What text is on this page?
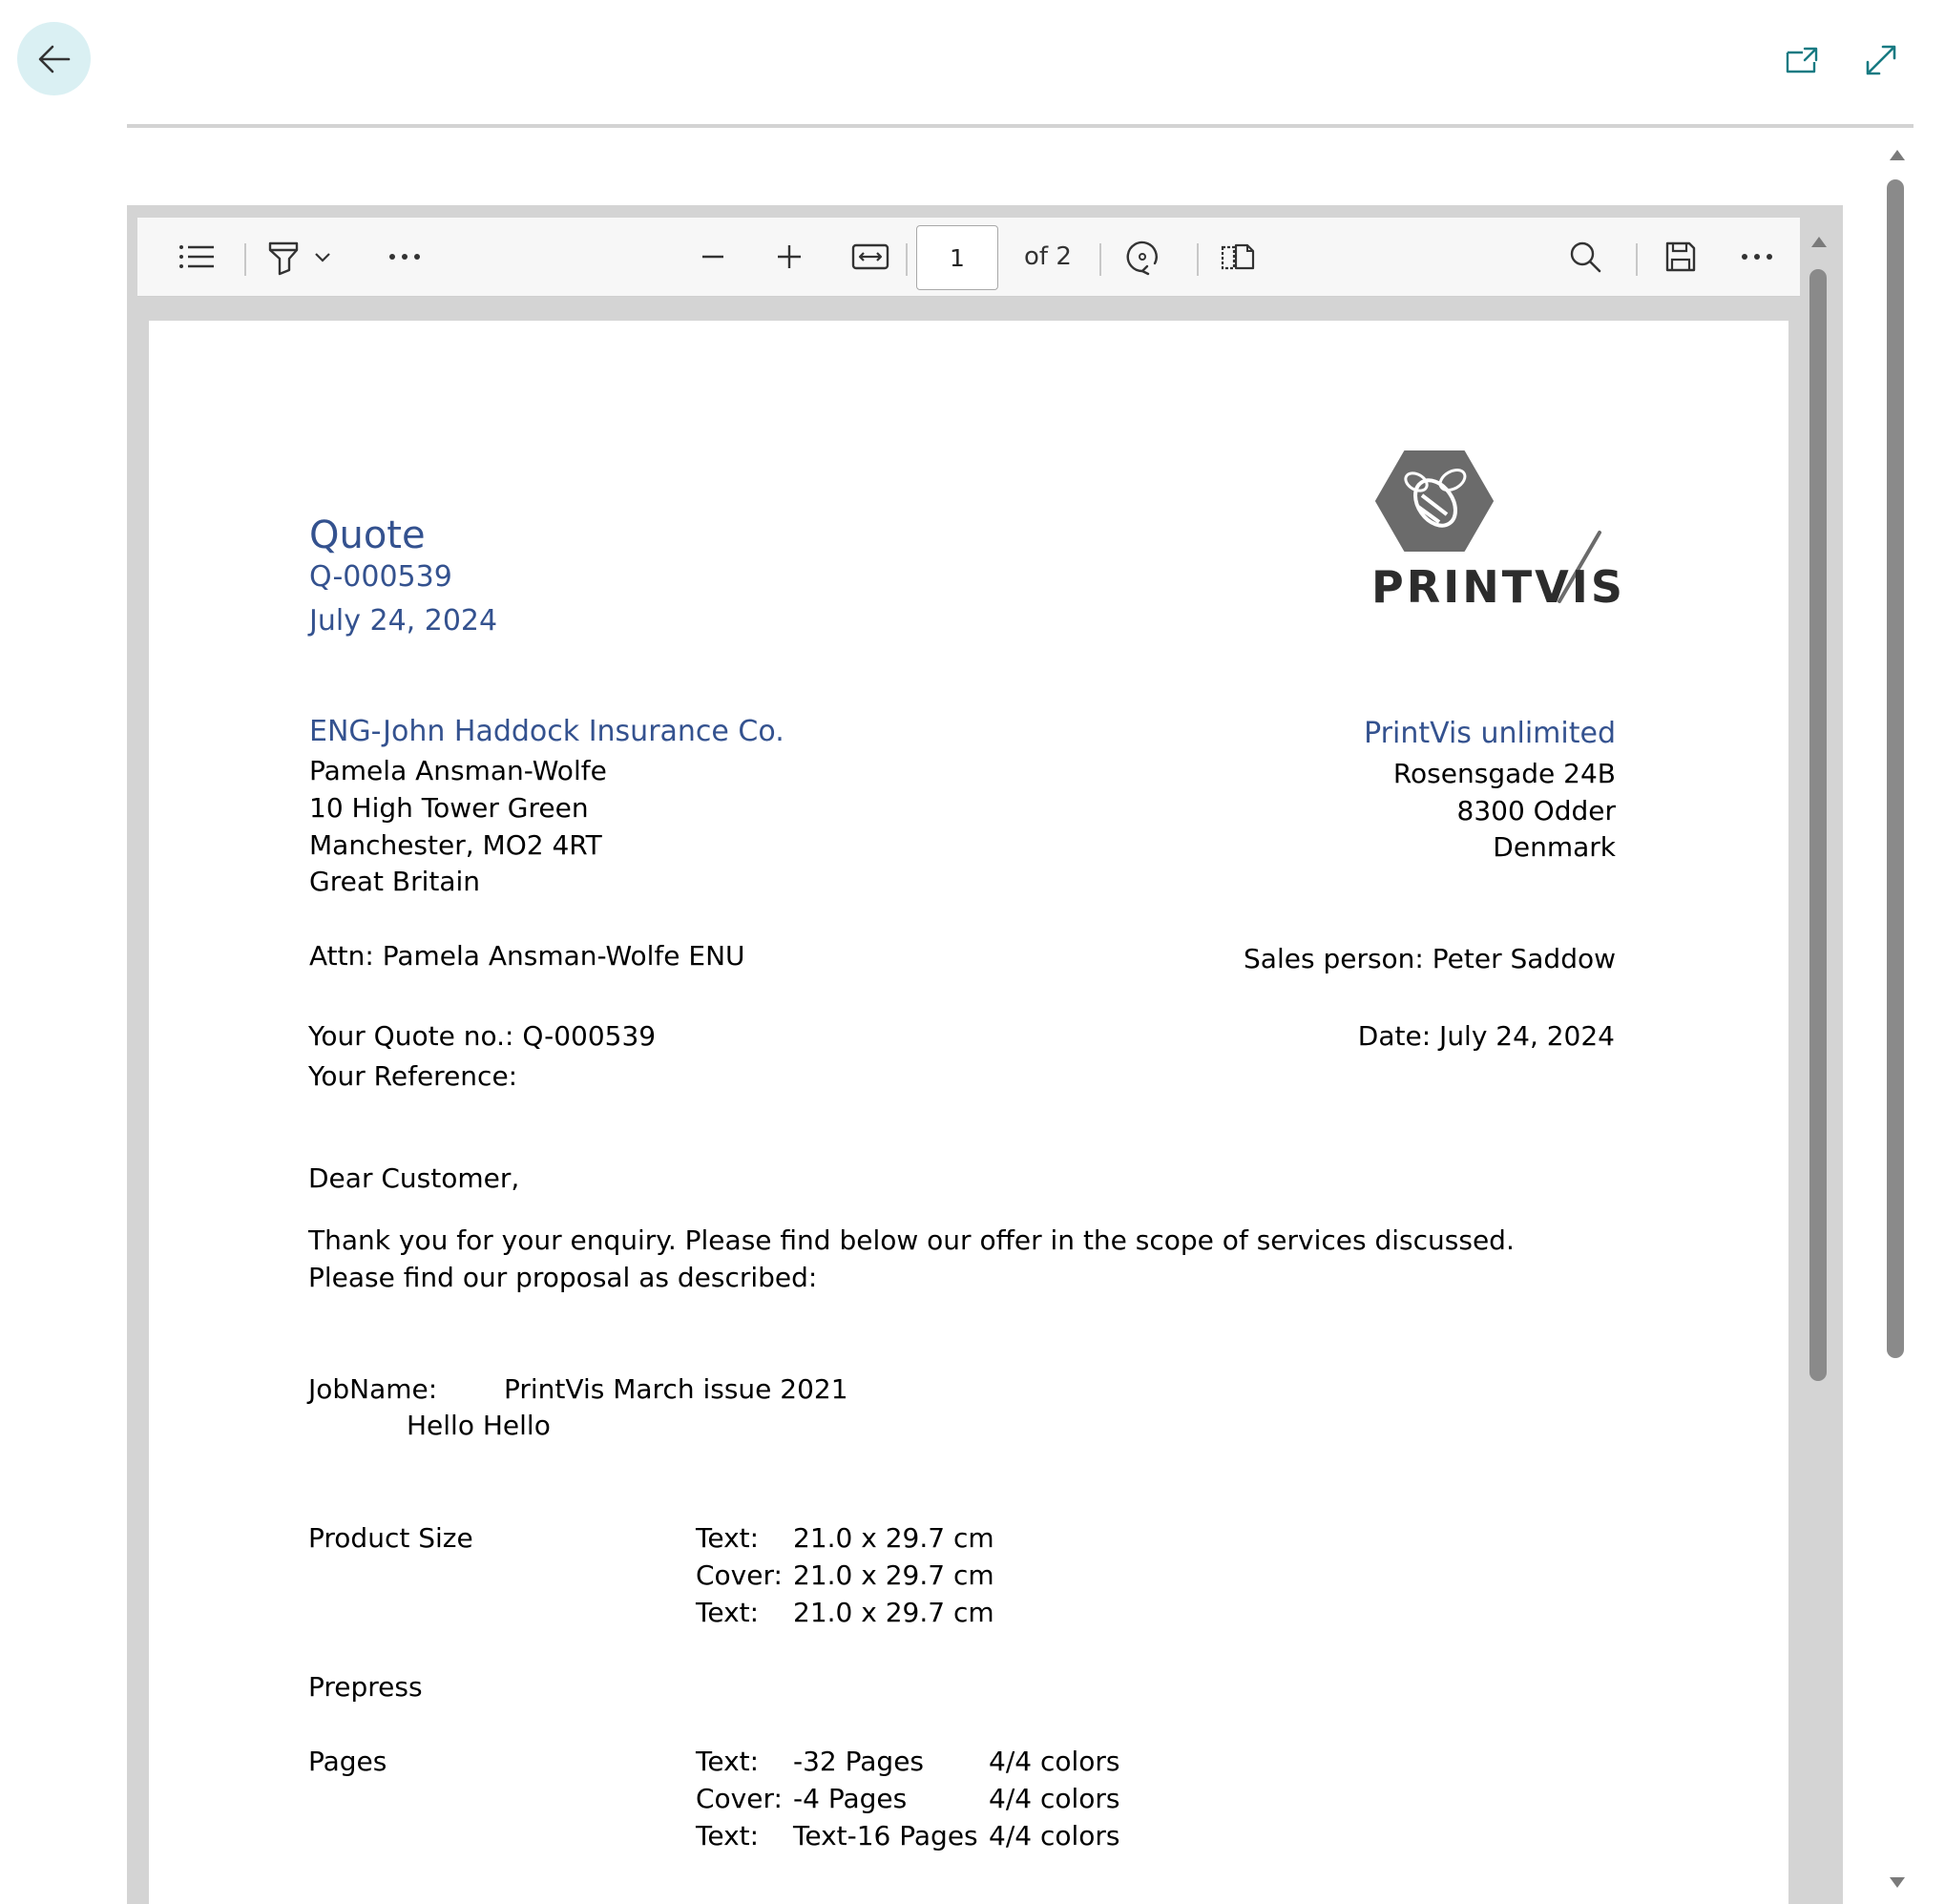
1
of 2
PRINTVIS
Quote
Q-000539
July 24, 2024
ENG-John Haddock Insurance Co.
Pamela Ansman-Wolfe
10 High Tower Green
Manchester, MO2 4RT
Great Britain
PrintVis unlimited
Rosensgade 24B
8300 Odder
Denmark
Attn: Pamela Ansman-Wolfe ENU	Sales person: Peter Saddow
Your Quote no.: Q-000539	Date: July 24, 2024
Your Reference:
Dear Customer,
Thank you for your enquiry. Please find below our offer in the scope of services discussed.
Please find our proposal as described:
JobName: PrintVis March issue 2021
Hello Hello
Product Size	Text: 21.0 x 29.7 cm
Cover: 21.0 x 29.7 cm
Text: 21.0 x 29.7 cm
Prepress
Pages	Text: -32 Pages 4/4 colors
Cover: -4 Pages	4/4 colors
Text: Text-16 Pages 4/4 colors
